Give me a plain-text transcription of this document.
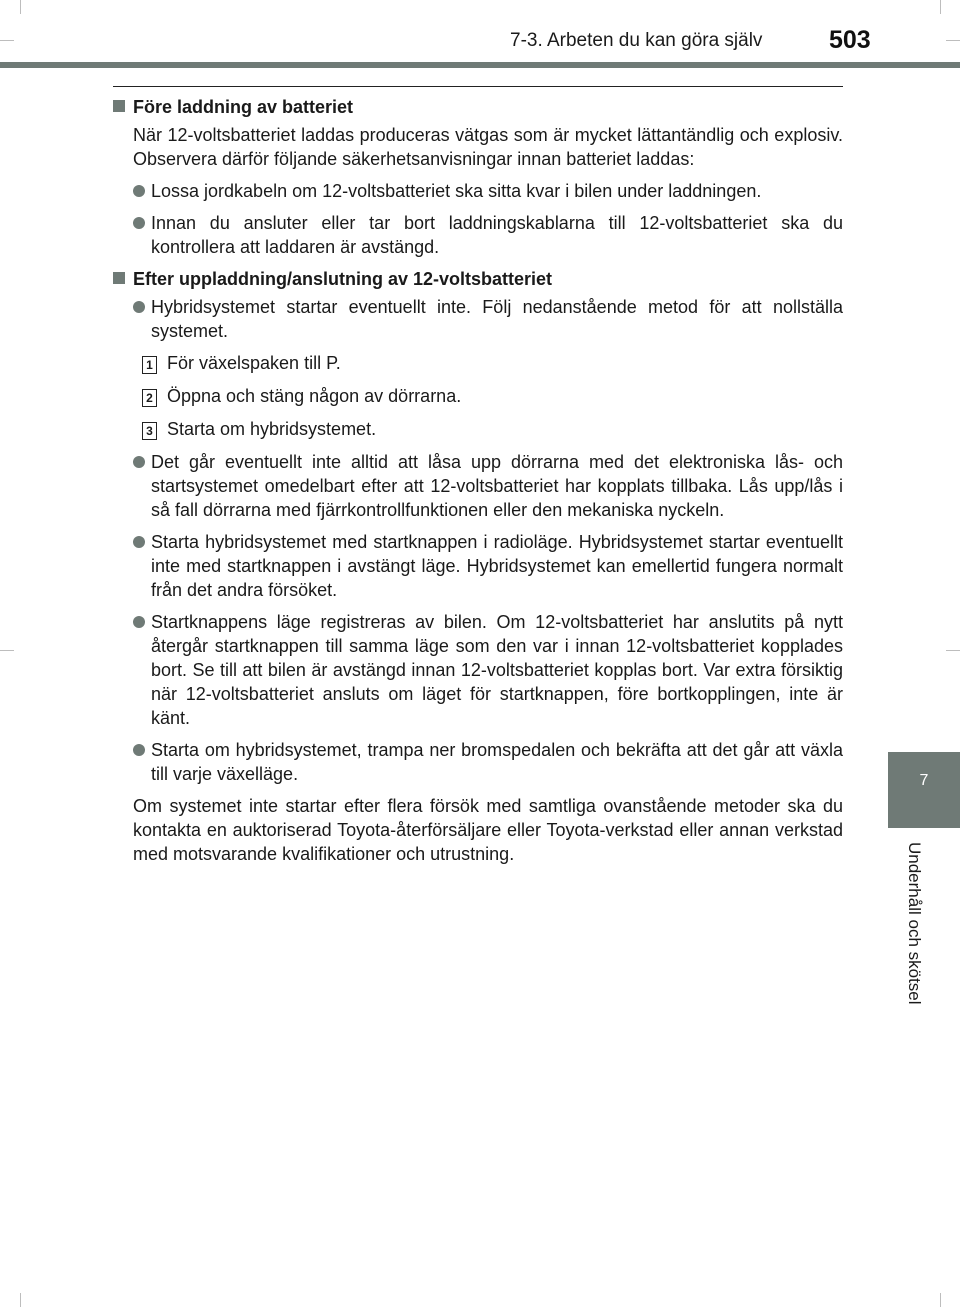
7-3. Arbeten du kan göra själv	503
7
Underhåll och skötsel
Före laddning av batteriet
När 12-voltsbatteriet laddas produceras vätgas som är mycket lättantändlig och explosiv. Observera därför följande säkerhetsanvisningar innan batteriet laddas:
Lossa jordkabeln om 12-voltsbatteriet ska sitta kvar i bilen under laddningen.
Innan du ansluter eller tar bort laddningskablarna till 12-voltsbatteriet ska du kontrollera att laddaren är avstängd.
Efter uppladdning/anslutning av 12-voltsbatteriet
Hybridsystemet startar eventuellt inte. Följ nedanstående metod för att nollställa systemet.
1 För växelspaken till P.
2 Öppna och stäng någon av dörrarna.
3 Starta om hybridsystemet.
Det går eventuellt inte alltid att låsa upp dörrarna med det elektroniska lås- och startsystemet omedelbart efter att 12-voltsbatteriet har kopplats tillbaka. Lås upp/lås i så fall dörrarna med fjärrkontrollfunktionen eller den mekaniska nyckeln.
Starta hybridsystemet med startknappen i radioläge. Hybridsystemet startar eventuellt inte med startknappen i avstängt läge. Hybridsystemet kan emellertid fungera normalt från det andra försöket.
Startknappens läge registreras av bilen. Om 12-voltsbatteriet har anslutits på nytt återgår startknappen till samma läge som den var i innan 12-voltsbatteriet kopplades bort. Se till att bilen är avstängd innan 12-voltsbatteriet kopplas bort. Var extra försiktig när 12-voltsbatteriet ansluts om läget för startknappen, före bortkopplingen, inte är känt.
Starta om hybridsystemet, trampa ner bromspedalen och bekräfta att det går att växla till varje växelläge.
Om systemet inte startar efter flera försök med samtliga ovanstående metoder ska du kontakta en auktoriserad Toyota-återförsäljare eller Toyota-verkstad eller annan verkstad med motsvarande kvalifikationer och utrustning.
